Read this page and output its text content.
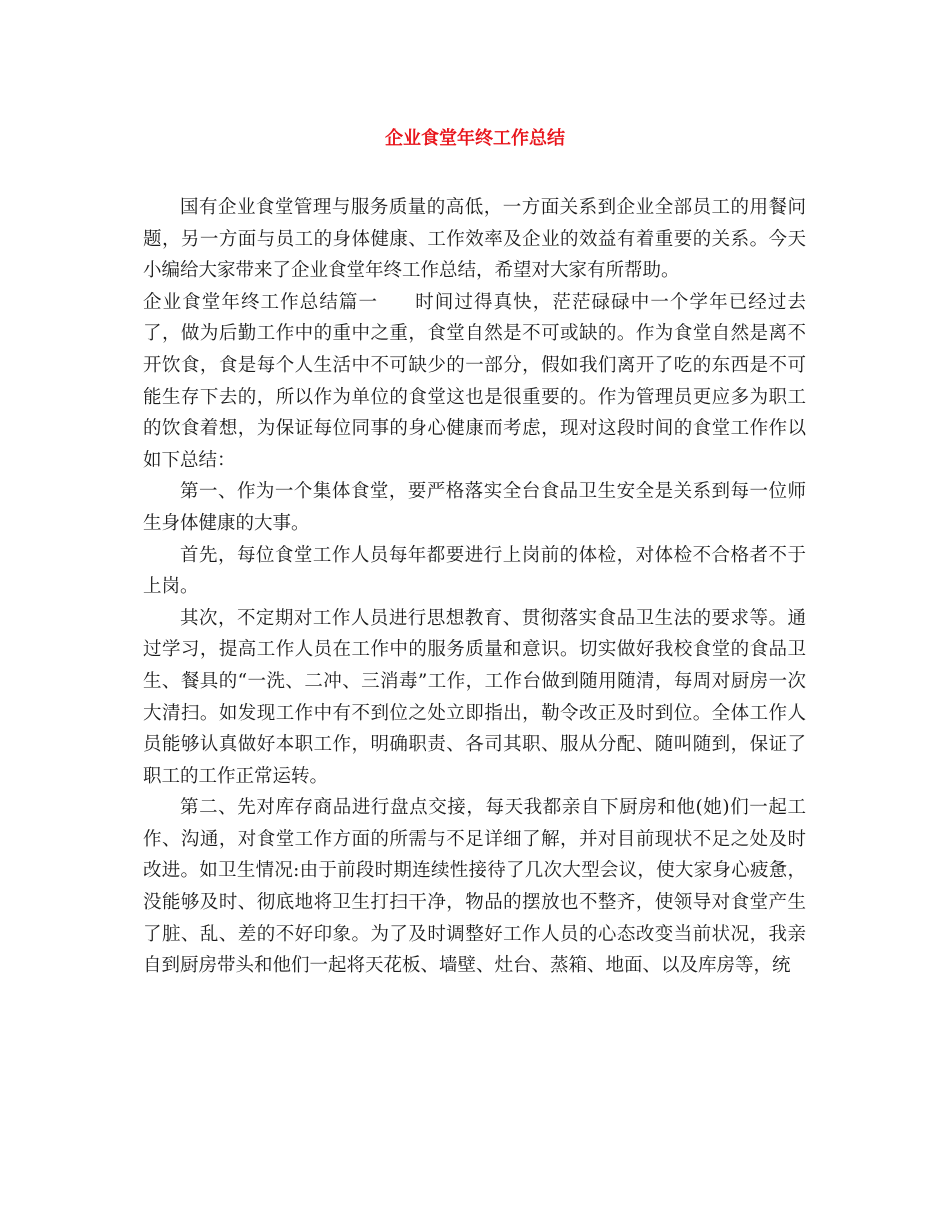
企业食堂年终工作总结

国有企业食堂管理与服务质量的高低，一方面关系到企业全部员工的用餐问题，另一方面与员工的身体健康、工作效率及企业的效益有着重要的关系。今天小编给大家带来了企业食堂年终工作总结，希望对大家有所帮助。

企业食堂年终工作总结篇一 时间过得真快，茫茫碌碌中一个学年已经过去了，做为后勤工作中的重中之重，食堂自然是不可或缺的。作为食堂自然是离不开饮食，食是每个人生活中不可缺少的一部分，假如我们离开了吃的东西是不可能生存下去的，所以作为单位的食堂这也是很重要的。作为管理员更应多为职工的饮食着想，为保证每位同事的身心健康而考虑，现对这段时间的食堂工作作以如下总结：

第一、作为一个集体食堂，要严格落实全台食品卫生安全是关系到每一位师生身体健康的大事。

首先，每位食堂工作人员每年都要进行上岗前的体检，对体检不合格者不于上岗。

其次，不定期对工作人员进行思想教育、贯彻落实食品卫生法的要求等。通过学习，提高工作人员在工作中的服务质量和意识。切实做好我校食堂的食品卫生、餐具的“一洗、二冲、三消毒”工作，工作台做到随用随清，每周对厨房一次大清扫。如发现工作中有不到位之处立即指出，勒令改正及时到位。全体工作人员能够认真做好本职工作，明确职责、各司其职、服从分配、随叫随到，保证了职工的工作正常运转。

第二、先对库存商品进行盘点交接，每天我都亲自下厨房和他(她)们一起工作、沟通，对食堂工作方面的所需与不足详细了解，并对目前现状不足之处及时改进。如卫生情况:由于前段时期连续性接待了几次大型会议，使大家身心疲惫，没能够及时、彻底地将卫生打扫干净，物品的摆放也不整齐，使领导对食堂产生了脏、乱、差的不好印象。为了及时调整好工作人员的心态改变当前状况，我亲自到厨房带头和他们一起将天花板、墙壁、灶台、蒸箱、地面、以及库房等，统
